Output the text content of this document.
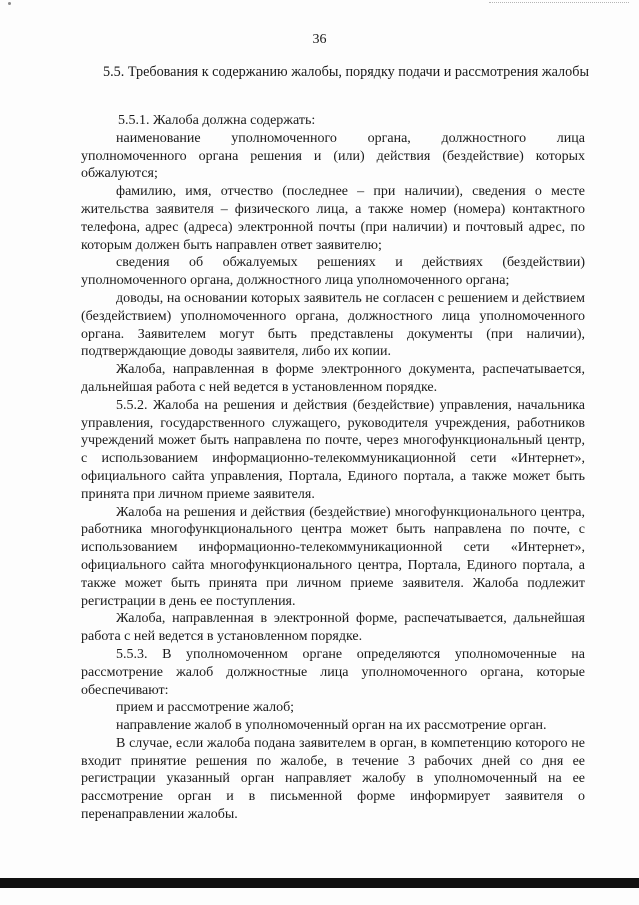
36
5.5. Требования к содержанию жалобы, порядку подачи и рассмотрения жалобы

5.5.1. Жалоба должна содержать:

наименование уполномоченного органа, должностного лица уполномоченного органа решения и (или) действия (бездействие) которых обжалуются;

фамилию, имя, отчество (последнее – при наличии), сведения о месте жительства заявителя – физического лица, а также номер (номера) контактного телефона, адрес (адреса) электронной почты (при наличии) и почтовый адрес, по которым должен быть направлен ответ заявителю;

сведения об обжалуемых решениях и действиях (бездействии) уполномоченного органа, должностного лица уполномоченного органа;

доводы, на основании которых заявитель не согласен с решением и действием (бездействием) уполномоченного органа, должностного лица уполномоченного органа. Заявителем могут быть представлены документы (при наличии), подтверждающие доводы заявителя, либо их копии.

Жалоба, направленная в форме электронного документа, распечатывается, дальнейшая работа с ней ведется в установленном порядке.

5.5.2. Жалоба на решения и действия (бездействие) управления, начальника управления, государственного служащего, руководителя учреждения, работников учреждений может быть направлена по почте, через многофункциональный центр, с использованием информационно-телекоммуникационной сети «Интернет», официального сайта управления, Портала, Единого портала, а также может быть принята при личном приеме заявителя.

Жалоба на решения и действия (бездействие) многофункционального центра, работника многофункционального центра может быть направлена по почте, с использованием информационно-телекоммуникационной сети «Интернет», официального сайта многофункционального центра, Портала, Единого портала, а также может быть принята при личном приеме заявителя. Жалоба подлежит регистрации в день ее поступления.

Жалоба, направленная в электронной форме, распечатывается, дальнейшая работа с ней ведется в установленном порядке.

5.5.3. В уполномоченном органе определяются уполномоченные на рассмотрение жалоб должностные лица уполномоченного органа, которые обеспечивают:

прием и рассмотрение жалоб;

направление жалоб в уполномоченный орган на их рассмотрение орган.

В случае, если жалоба подана заявителем в орган, в компетенцию которого не входит принятие решения по жалобе, в течение 3 рабочих дней со дня ее регистрации указанный орган направляет жалобу в уполномоченный на ее рассмотрение орган и в письменной форме информирует заявителя о перенаправлении жалобы.
